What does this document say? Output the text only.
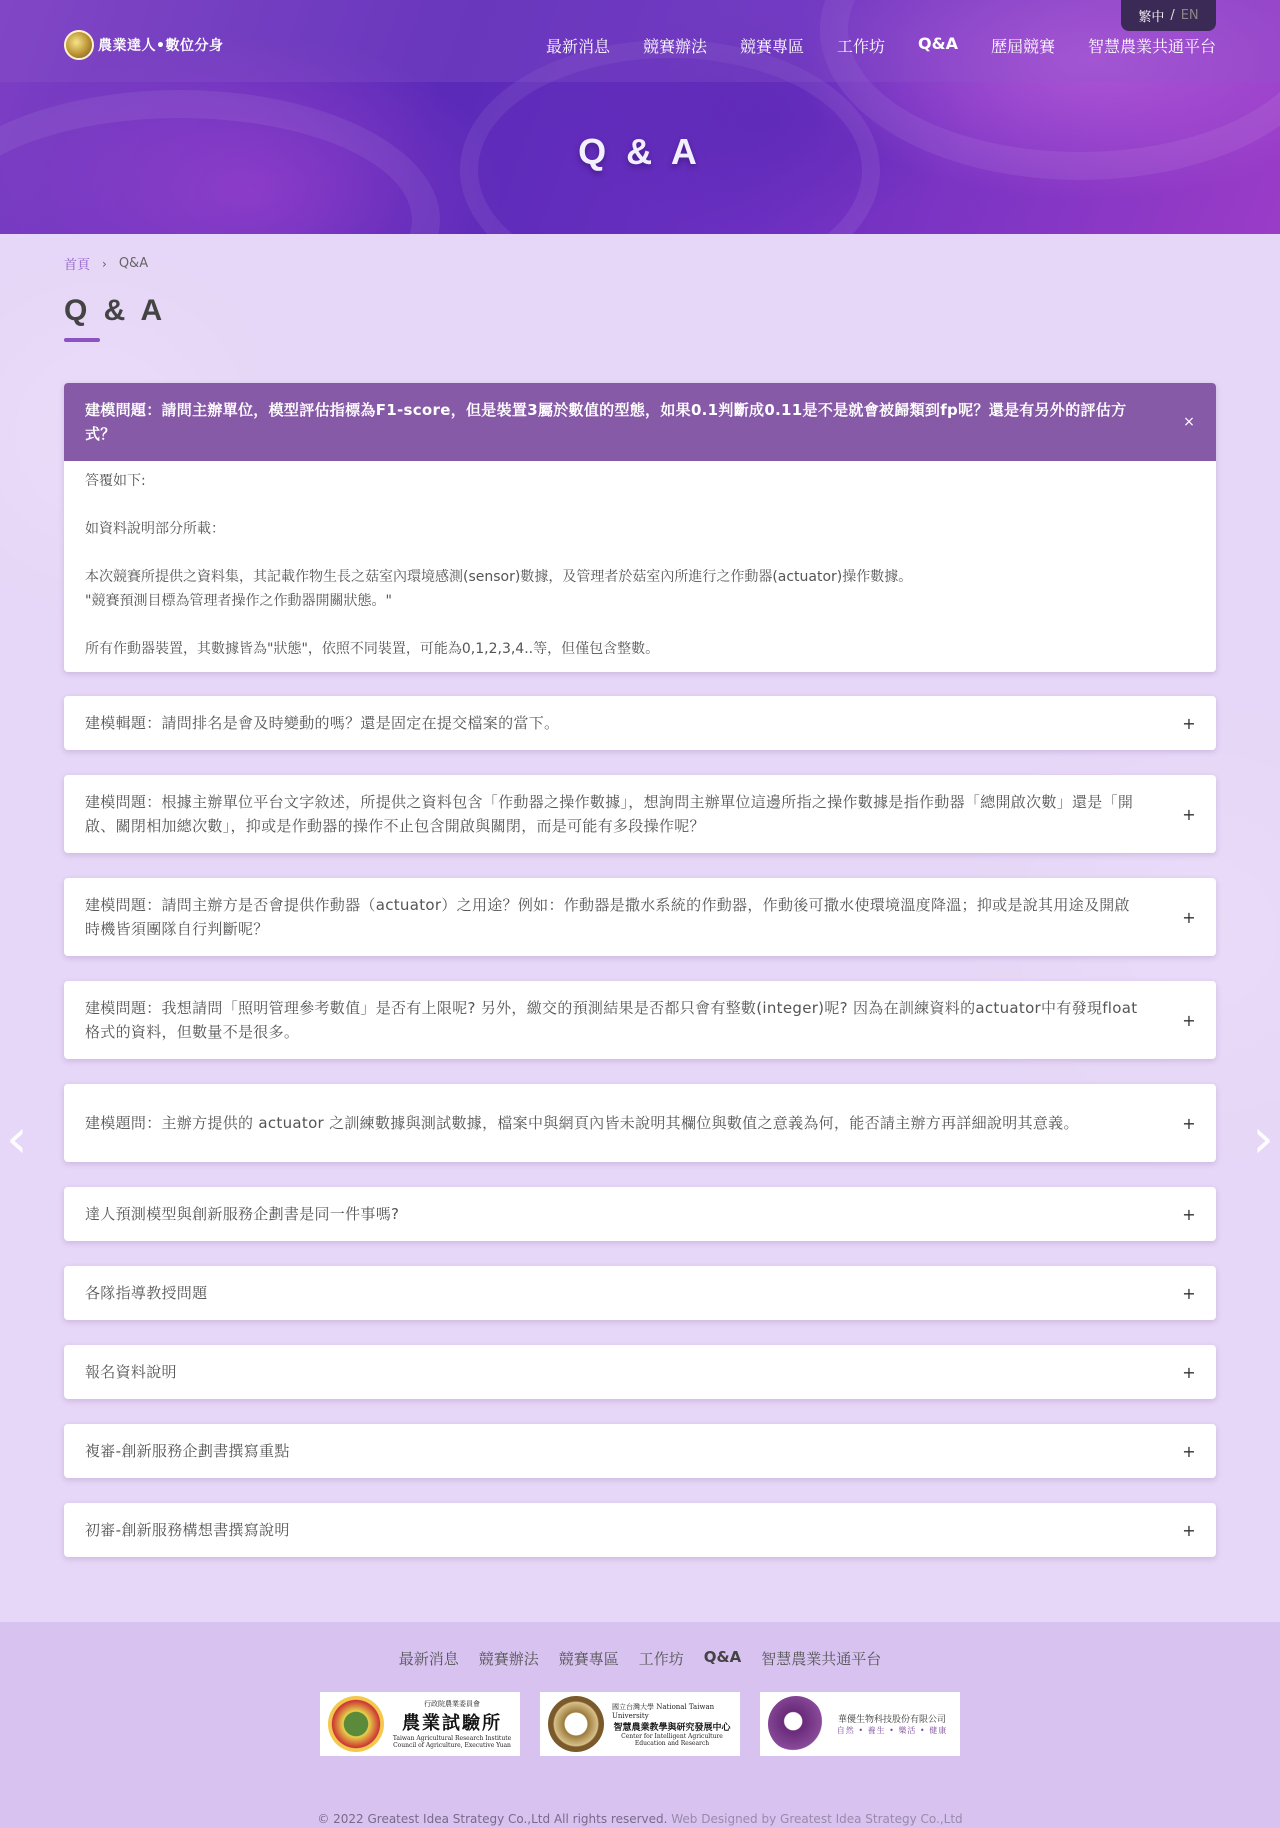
農業達人•數位分身	最新消息 競賽辦法 競賽專區 工作坊 Q&A 歷屆競賽 智慧農業共通平台
繁中 / EN
Q & A
首頁 › Q&A
Q & A
建模問題：請問主辦單位，模型評估指標為F1-score，但是裝置3屬於數值的型態，如果0.1判斷成0.11是不是就會被歸類到fp呢？還是有另外的評估方式？
×

答覆如下:

如資料說明部分所載：

本次競賽所提供之資料集，其記載作物生長之菇室內環境感測(sensor)數據，及管理者於菇室內所進行之作動器(actuator)操作數據。

"競賽預測目標為管理者操作之作動器開關狀態。"

所有作動器裝置，其數據皆為"狀態"，依照不同裝置，可能為0,1,2,3,4..等，但僅包含整數。

建模輯題：請問排名是會及時變動的嗎？還是固定在提交檔案的當下。	+
建模問題：根據主辦單位平台文字敘述，所提供之資料包含「作動器之操作數據」，想詢問主辦單位這邊所指之操作數據是指作動器「總開啟次數」還是「開啟、關閉相加總次數」，抑或是作動器的操作不止包含開啟與關閉，而是可能有多段操作呢？
+
建模問題：請問主辦方是否會提供作動器（actuator）之用途？例如：作動器是撒水系統的作動器，作動後可撒水使環境溫度降溫；抑或是說其用途及開啟時機皆須團隊自行判斷呢？
+
建模問題：我想請問「照明管理參考數值」是否有上限呢? 另外，繳交的預測結果是否都只會有整數(integer)呢? 因為在訓練資料的actuator中有發現float格式的資料，但數量不是很多。
+
建模題問：主辦方提供的 actuator 之訓練數據與測試數據，檔案中與網頁內皆未說明其欄位與數值之意義為何，能否請主辦方再詳細說明其意義。	+
達人預測模型與創新服務企劃書是同一件事嗎?	+
各隊指導教授問題	+
報名資料說明	+
複審-創新服務企劃書撰寫重點	+
初審-創新服務構想書撰寫說明	+
‹	›
最新消息 競賽辦法 競賽專區 工作坊 Q&A 智慧農業共通平台
行政院農業委員會
農業試驗所
Taiwan Agricultural Research Institute
Council of Agriculture, Executive Yuan
國立台灣大學 National Taiwan University
智慧農業教學與研究發展中心
Center for Intelligent Agriculture
Education and Research
華優生物科技股份有限公司
自然 • 養生 • 樂活 • 健康
© 2022 Greatest Idea Strategy Co.,Ltd All rights reserved. Web Designed by Greatest Idea Strategy Co.,Ltd
